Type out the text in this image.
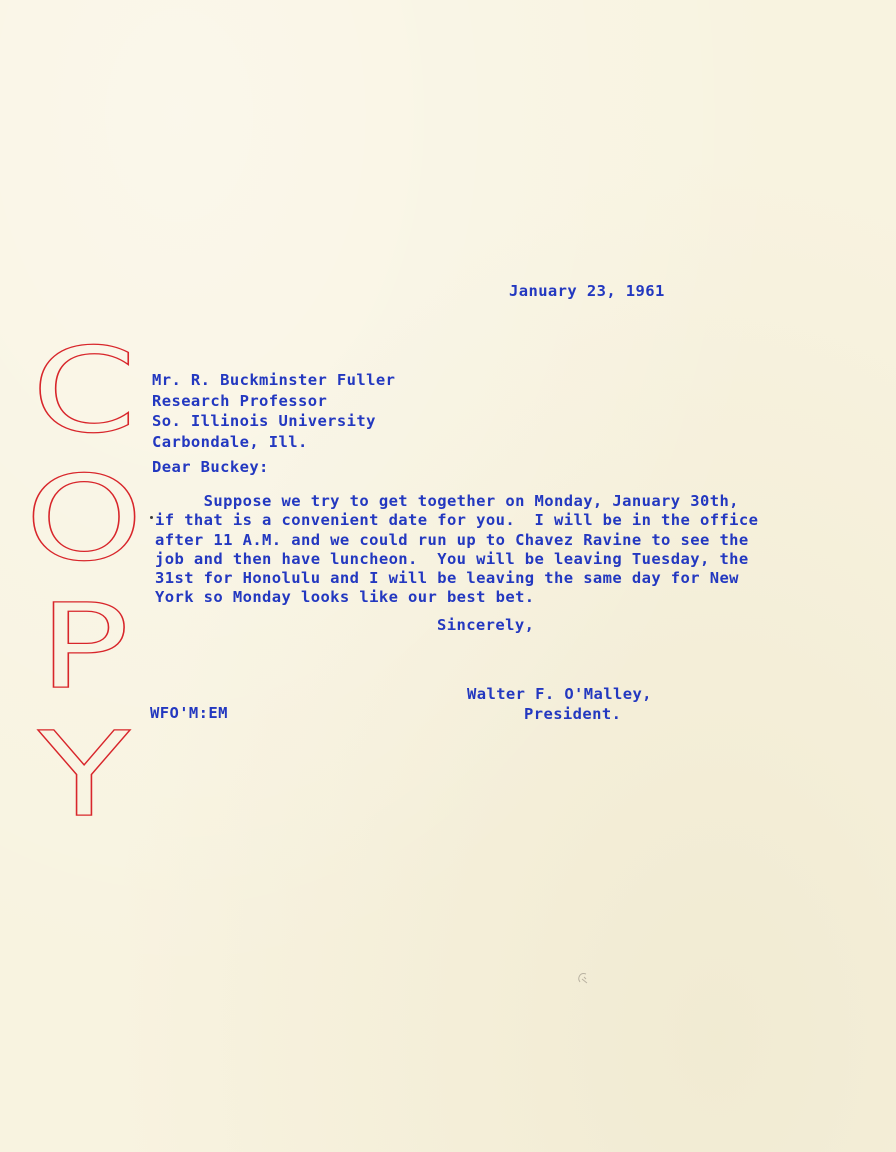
C
O
P
Y
January 23, 1961
Mr. R. Buckminster Fuller
Research Professor
So. Illinois University
Carbondale, Ill.
Dear Buckey:
Suppose we try to get together on Monday, January 30th,
if that is a convenient date for you.  I will be in the office
after 11 A.M. and we could run up to Chavez Ravine to see the
job and then have luncheon.  You will be leaving Tuesday, the
31st for Honolulu and I will be leaving the same day for New
York so Monday looks like our best bet.
Sincerely,
Walter F. O'Malley,
President.
WFO'M:EM
